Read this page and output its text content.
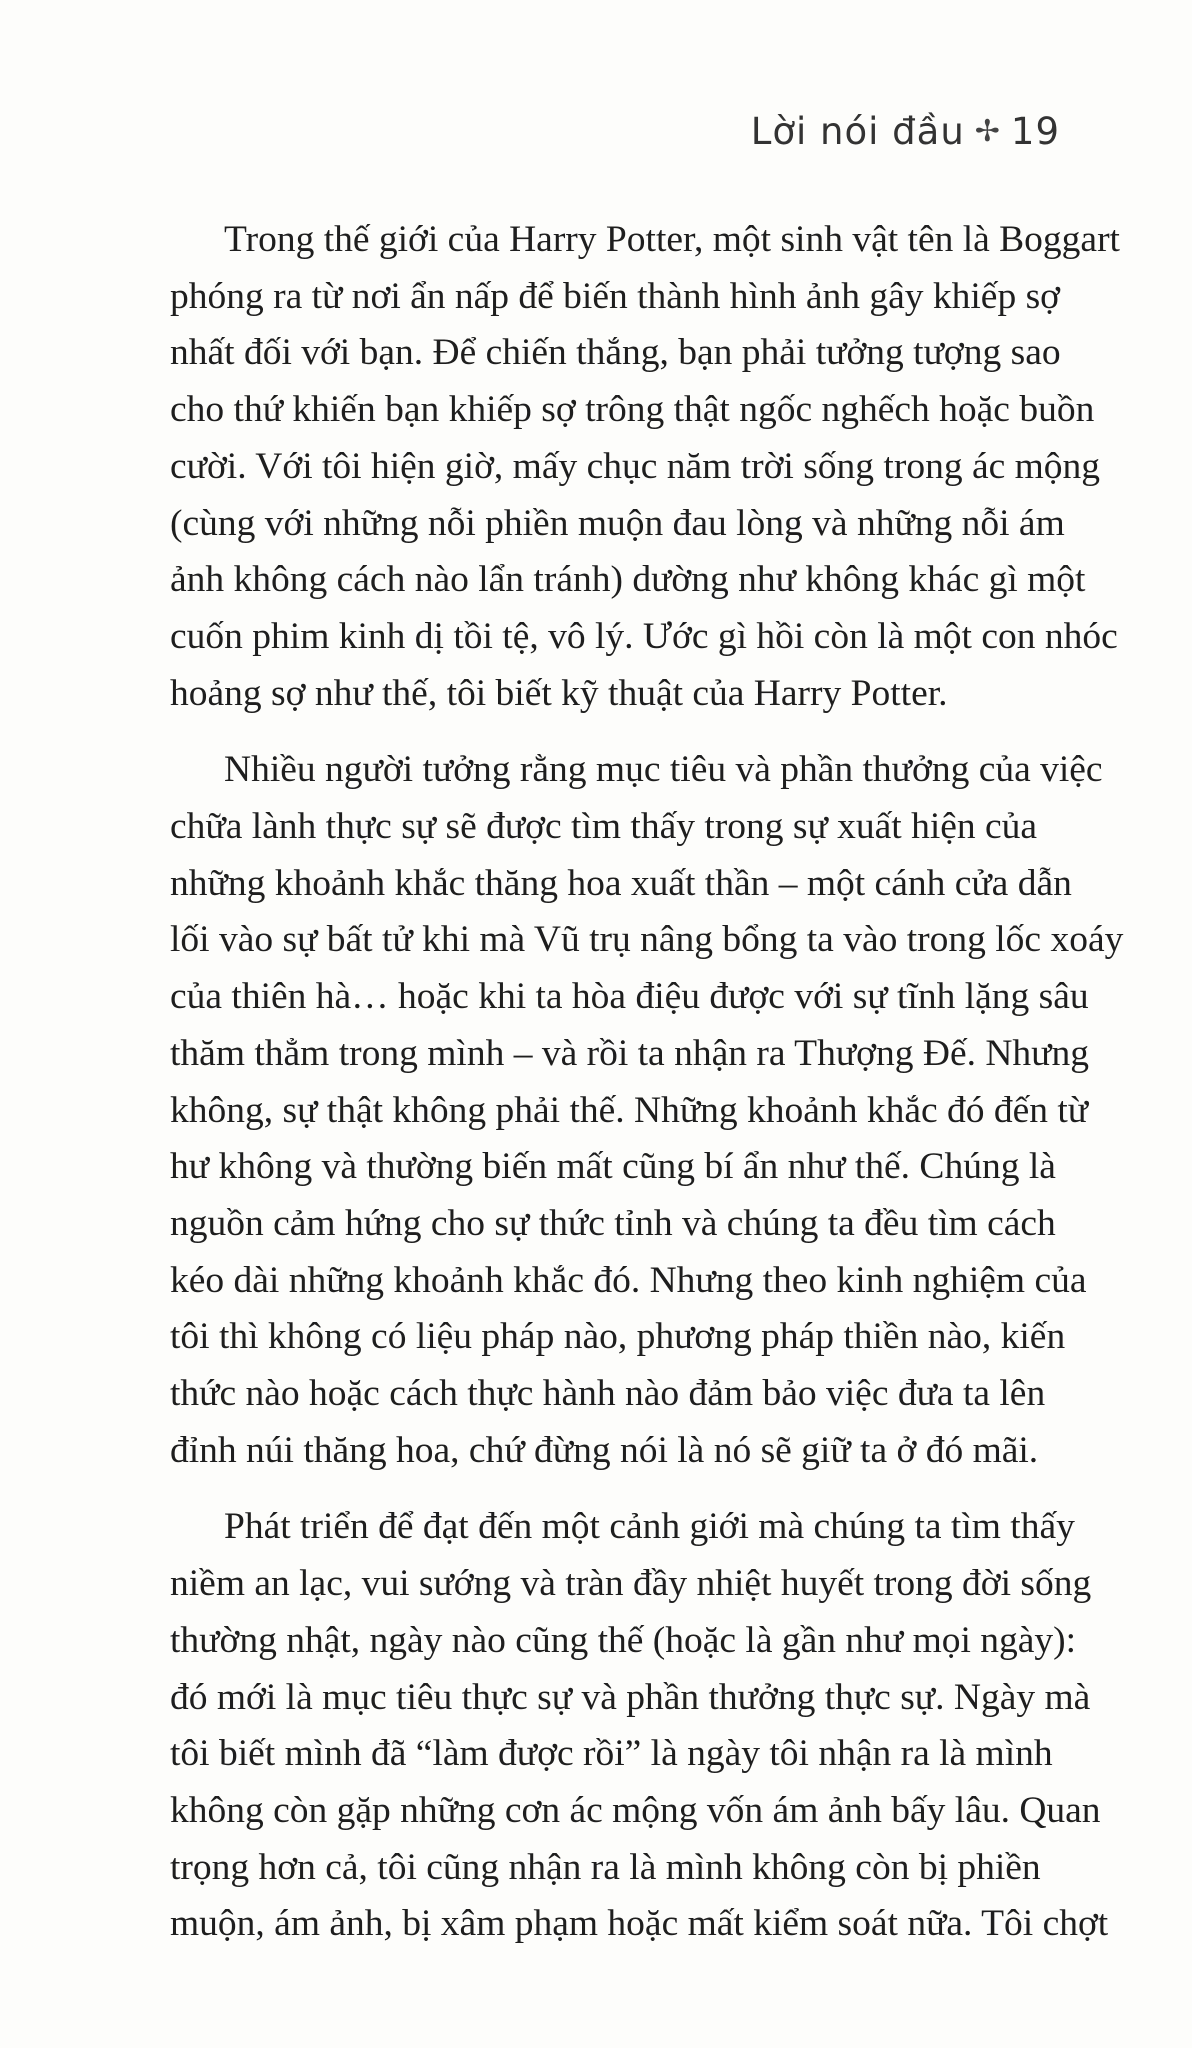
Lời nói đầu ✢ 19

Trong thế giới của Harry Potter, một sinh vật tên là Boggart
phóng ra từ nơi ẩn nấp để biến thành hình ảnh gây khiếp sợ
nhất đối với bạn. Để chiến thắng, bạn phải tưởng tượng sao
cho thứ khiến bạn khiếp sợ trông thật ngốc nghếch hoặc buồn
cười. Với tôi hiện giờ, mấy chục năm trời sống trong ác mộng
(cùng với những nỗi phiền muộn đau lòng và những nỗi ám
ảnh không cách nào lẩn tránh) dường như không khác gì một
cuốn phim kinh dị tồi tệ, vô lý. Ước gì hồi còn là một con nhóc
hoảng sợ như thế, tôi biết kỹ thuật của Harry Potter.

Nhiều người tưởng rằng mục tiêu và phần thưởng của việc
chữa lành thực sự sẽ được tìm thấy trong sự xuất hiện của
những khoảnh khắc thăng hoa xuất thần – một cánh cửa dẫn
lối vào sự bất tử khi mà Vũ trụ nâng bổng ta vào trong lốc xoáy
của thiên hà… hoặc khi ta hòa điệu được với sự tĩnh lặng sâu
thăm thẳm trong mình – và rồi ta nhận ra Thượng Đế. Nhưng
không, sự thật không phải thế. Những khoảnh khắc đó đến từ
hư không và thường biến mất cũng bí ẩn như thế. Chúng là
nguồn cảm hứng cho sự thức tỉnh và chúng ta đều tìm cách
kéo dài những khoảnh khắc đó. Nhưng theo kinh nghiệm của
tôi thì không có liệu pháp nào, phương pháp thiền nào, kiến
thức nào hoặc cách thực hành nào đảm bảo việc đưa ta lên
đỉnh núi thăng hoa, chứ đừng nói là nó sẽ giữ ta ở đó mãi.

Phát triển để đạt đến một cảnh giới mà chúng ta tìm thấy
niềm an lạc, vui sướng và tràn đầy nhiệt huyết trong đời sống
thường nhật, ngày nào cũng thế (hoặc là gần như mọi ngày):
đó mới là mục tiêu thực sự và phần thưởng thực sự. Ngày mà
tôi biết mình đã “làm được rồi” là ngày tôi nhận ra là mình
không còn gặp những cơn ác mộng vốn ám ảnh bấy lâu. Quan
trọng hơn cả, tôi cũng nhận ra là mình không còn bị phiền
muộn, ám ảnh, bị xâm phạm hoặc mất kiểm soát nữa. Tôi chợt
